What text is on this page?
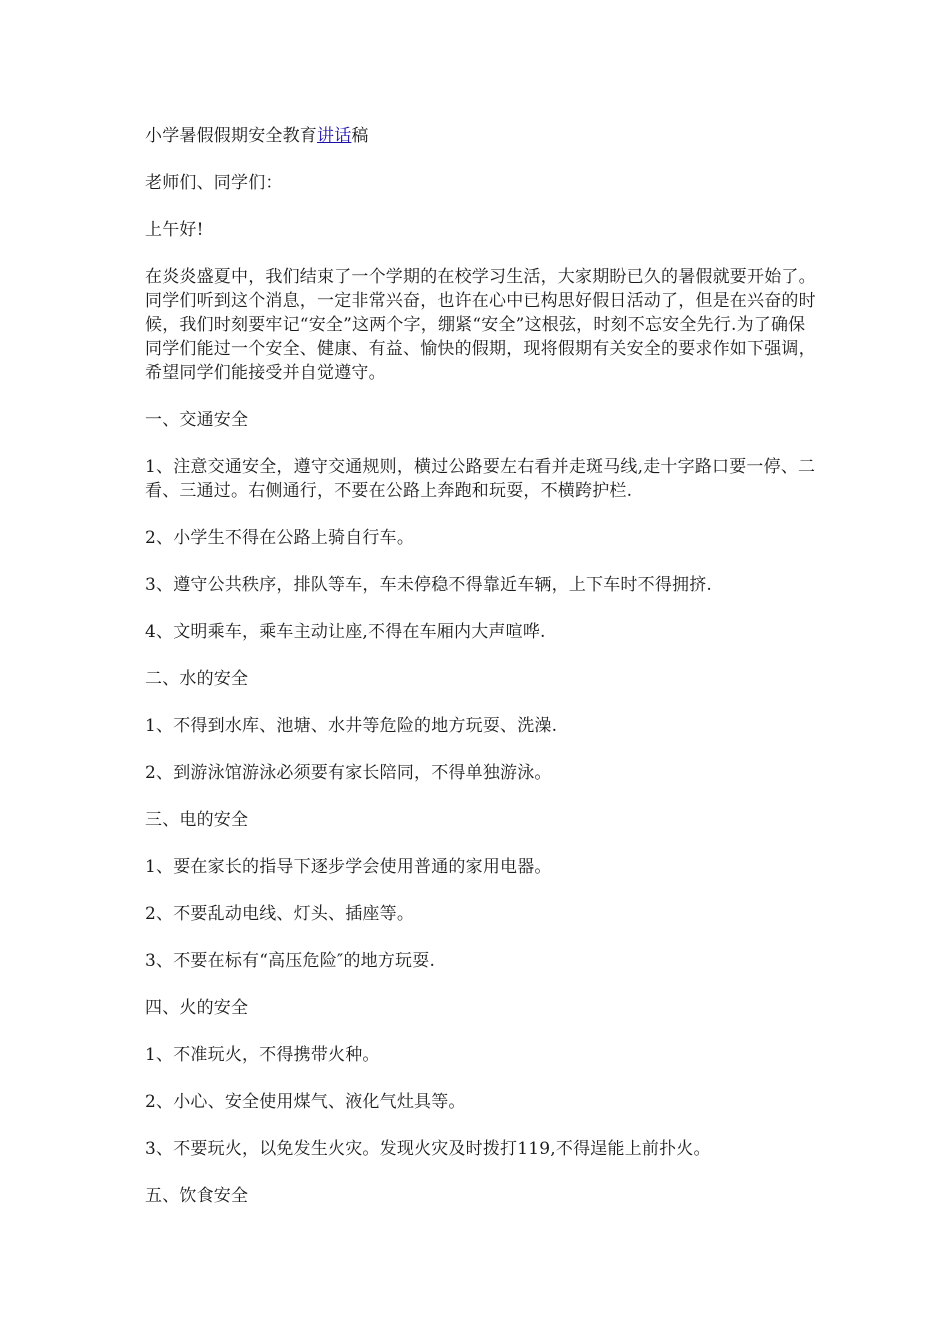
小学暑假假期安全教育讲话稿

老师们、同学们：

上午好!

在炎炎盛夏中，我们结束了一个学期的在校学习生活，大家期盼已久的暑假就要开始了。同学们听到这个消息，一定非常兴奋，也许在心中已构思好假日活动了，但是在兴奋的时候，我们时刻要牢记“安全”这两个字，绷紧“安全”这根弦，时刻不忘安全先行.为了确保同学们能过一个安全、健康、有益、愉快的假期，现将假期有关安全的要求作如下强调，希望同学们能接受并自觉遵守。

一、交通安全

1、注意交通安全，遵守交通规则，横过公路要左右看并走斑马线,走十字路口要一停、二看、三通过。右侧通行，不要在公路上奔跑和玩耍，不横跨护栏.

2、小学生不得在公路上骑自行车。

3、遵守公共秩序，排队等车，车未停稳不得靠近车辆，上下车时不得拥挤.

4、文明乘车，乘车主动让座,不得在车厢内大声喧哗.

二、水的安全

1、不得到水库、池塘、水井等危险的地方玩耍、洗澡.

2、到游泳馆游泳必须要有家长陪同，不得单独游泳。

三、电的安全

1、要在家长的指导下逐步学会使用普通的家用电器。

2、不要乱动电线、灯头、插座等。

3、不要在标有“高压危险″的地方玩耍.

四、火的安全

1、不准玩火，不得携带火种。

2、小心、安全使用煤气、液化气灶具等。

3、不要玩火，以免发生火灾。发现火灾及时拨打119,不得逞能上前扑火。

五、饮食安全
